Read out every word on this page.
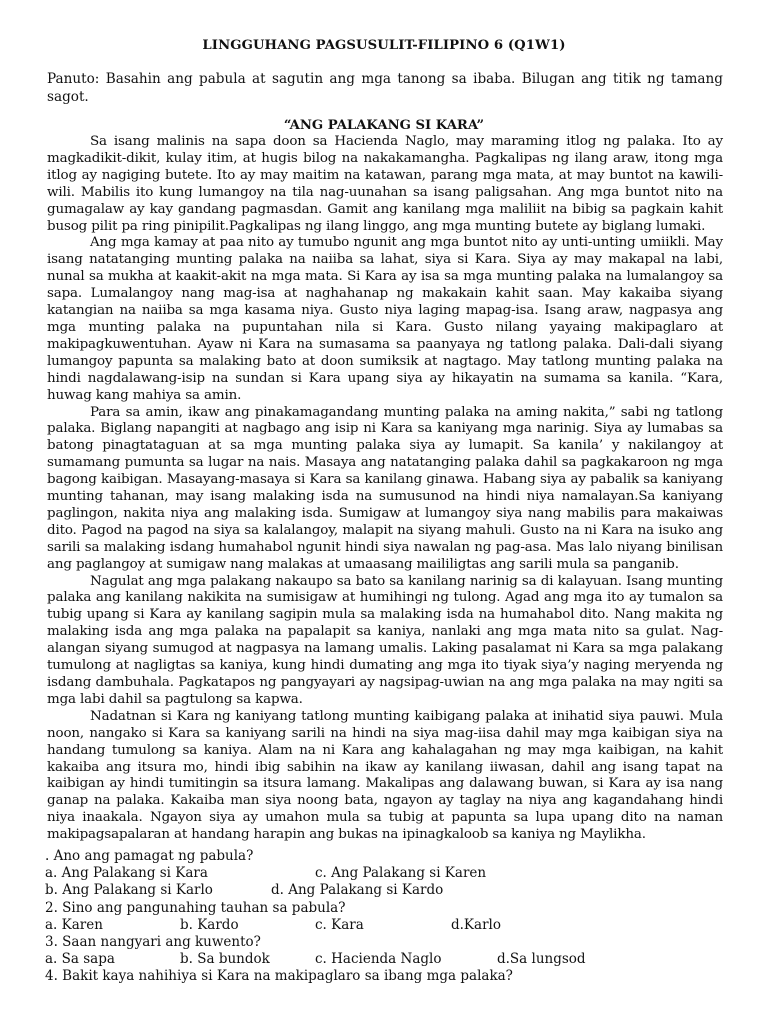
LINGGUHANG PAGSUSULIT-FILIPINO 6 (Q1W1)
Panuto: Basahin ang pabula at sagutin ang mga tanong sa ibaba. Bilugan ang titik ng tamang sagot.
“ANG PALAKANG SI KARA”

Sa isang malinis na sapa doon sa Hacienda Naglo, may maraming itlog ng palaka. Ito ay magkadikit-dikit, kulay itim, at hugis bilog na nakakamangha. Pagkalipas ng ilang araw, itong mga itlog ay nagiging butete. Ito ay may maitim na katawan, parang mga mata, at may buntot na kawili-wili. Mabilis ito kung lumangoy na tila nag-uunahan sa isang paligsahan. Ang mga buntot nito na gumagalaw ay kay gandang pagmasdan. Gamit ang kanilang mga maliliit na bibig sa pagkain kahit busog pilit pa ring pinipilit.Pagkalipas ng ilang linggo, ang mga munting butete ay biglang lumaki.

Ang mga kamay at paa nito ay tumubo ngunit ang mga buntot nito ay unti-unting umiikli. May isang natatanging munting palaka na naiiba sa lahat, siya si Kara. Siya ay may makapal na labi, nunal sa mukha at kaakit-akit na mga mata. Si Kara ay isa sa mga munting palaka na lumalangoy sa sapa. Lumalangoy nang mag-isa at naghahanap ng makakain kahit saan. May kakaiba siyang katangian na naiiba sa mga kasama niya. Gusto niya laging mapag-isa. Isang araw, nagpasya ang mga munting palaka na pupuntahan nila si Kara. Gusto nilang yayaing makipaglaro at makipagkuwentuhan. Ayaw ni Kara na sumasama sa paanyaya ng tatlong palaka. Dali-dali siyang lumangoy papunta sa malaking bato at doon sumiksik at nagtago. May tatlong munting palaka na hindi nagdalawang-isip na sundan si Kara upang siya ay hikayatin na sumama sa kanila. “Kara, huwag kang mahiya sa amin.

Para sa amin, ikaw ang pinakamagandang munting palaka na aming nakita,” sabi ng tatlong palaka. Biglang napangiti at nagbago ang isip ni Kara sa kaniyang mga narinig. Siya ay lumabas sa batong pinagtataguan at sa mga munting palaka siya ay lumapit. Sa kanila’ y nakilangoy at sumamang pumunta sa lugar na nais. Masaya ang natatanging palaka dahil sa pagkakaroon ng mga bagong kaibigan. Masayang-masaya si Kara sa kanilang ginawa. Habang siya ay pabalik sa kaniyang munting tahanan, may isang malaking isda na sumusunod na hindi niya namalayan.Sa kaniyang paglingon, nakita niya ang malaking isda. Sumigaw at lumangoy siya nang mabilis para makaiwas dito. Pagod na pagod na siya sa kalalangoy, malapit na siyang mahuli. Gusto na ni Kara na isuko ang sarili sa malaking isdang humahabol ngunit hindi siya nawalan ng pag-asa. Mas lalo niyang binilisan ang paglangoy at sumigaw nang malakas at umaasang maililigtas ang sarili mula sa panganib.

Nagulat ang mga palakang nakaupo sa bato sa kanilang narinig sa di kalayuan. Isang munting palaka ang kanilang nakikita na sumisigaw at humihingi ng tulong. Agad ang mga ito ay tumalon sa tubig upang si Kara ay kanilang sagipin mula sa malaking isda na humahabol dito. Nang makita ng malaking isda ang mga palaka na papalapit sa kaniya, nanlaki ang mga mata nito sa gulat. Nag-alangan siyang sumugod at nagpasya na lamang umalis. Laking pasalamat ni Kara sa mga palakang tumulong at nagligtas sa kaniya, kung hindi dumating ang mga ito tiyak siya’y naging meryenda ng isdang dambuhala. Pagkatapos ng pangyayari ay nagsipag-uwian na ang mga palaka na may ngiti sa mga labi dahil sa pagtulong sa kapwa.

Nadatnan si Kara ng kaniyang tatlong munting kaibigang palaka at inihatid siya pauwi. Mula noon, nangako si Kara sa kaniyang sarili na hindi na siya mag-iisa dahil may mga kaibigan siya na handang tumulong sa kaniya. Alam na ni Kara ang kahalagahan ng may mga kaibigan, na kahit kakaiba ang itsura mo, hindi ibig sabihin na ikaw ay kanilang iiwasan, dahil ang isang tapat na kaibigan ay hindi tumitingin sa itsura lamang. Makalipas ang dalawang buwan, si Kara ay isa nang ganap na palaka. Kakaiba man siya noong bata, ngayon ay taglay na niya ang kagandahang hindi niya inaakala. Ngayon siya ay umahon mula sa tubig at papunta sa lupa upang dito na naman makipagsapalaran at handang harapin ang bukas na ipinagkaloob sa kaniya ng Maylikha.

. Ano ang pamagat ng pabula?
a. Ang Palakang si Kara	c. Ang Palakang si Karen
b. Ang Palakang si Karlo	d. Ang Palakang si Kardo
2. Sino ang pangunahing tauhan sa pabula?
a. Karen	b. Kardo	c. Kara	d.Karlo
3. Saan nangyari ang kuwento?
a. Sa sapa	b. Sa bundok	c. Hacienda Naglo	d.Sa lungsod
4. Bakit kaya nahihiya si Kara na makipaglaro sa ibang mga palaka?
